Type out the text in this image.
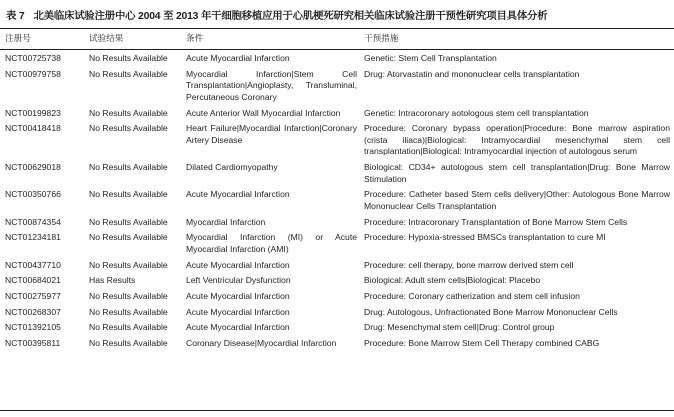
表 7 北美临床试验注册中心 2004 至 2013 年干细胞移植应用于心肌梗死研究相关临床试验注册干预性研究项目具体分析
注册号	试验结果	条件	干预措施
NCT00725738	No Results Available	Acute Myocardial Infarction	Genetic: Stem Cell Transplantation
NCT00979758	No Results Available	Myocardial Infarction|Stem Cell Transplantation|Angioplasty, Transluminal, Percutaneous Coronary	Drug: Atorvastatin and mononuclear cells transplantation
NCT00199823	No Results Available	Acute Anterior Wall Myocardial Infarction	Genetic: Intracoronary aotologous stem cell transplantation
NCT00418418	No Results Available	Heart Failure|Myocardial Infarction|Coronary Artery Disease	Procedure: Coronary bypass operation|Procedure: Bone marrow aspiration (crista iliaca)|Biological: Intramyocardial mesenchymal stem cell transplantation|Biological: Intramyocardial injection of autologous serum
NCT00629018	No Results Available	Dilated Cardiomyopathy	Biological: CD34+ autologous stem cell transplantation|Drug: Bone Marrow Stimulation
NCT00350766	No Results Available	Acute Myocardial Infarction	Procedure: Catheter based Stem cells delivery|Other: Autologous Bone Marrow Mononuclear Cells Transplantation
NCT00874354	No Results Available	Myocardial Infarction	Procedure: Intracoronary Transplantation of Bone Marrow Stem Cells
NCT01234181	No Results Available	Myocardial Infarction (MI) or Acute Myocardial Infarction (AMI)	Procedure: Hypoxia-stressed BMSCs transplantation to cure MI
NCT00437710	No Results Available	Acute Myocardial Infarction	Procedure: cell therapy, bone marrow derived stem cell
NCT00684021	Has Results	Left Ventricular Dysfunction	Biological: Adult stem cells|Biological: Placebo
NCT00275977	No Results Available	Acute Myocardial Infarction	Procedure: Coronary catherization and stem cell infusion
NCT00268307	No Results Available	Acute Myocardial Infarction	Drug: Autologous, Unfractionated Bone Marrow Mononuclear Cells
NCT01392105	No Results Available	Acute Myocardial Infarction	Drug: Mesenchymal stem cell|Drug: Control group
NCT00395811	No Results Available	Coronary Disease|Myocardial Infarction	Procedure: Bone Marrow Stem Cell Therapy combined CABG
